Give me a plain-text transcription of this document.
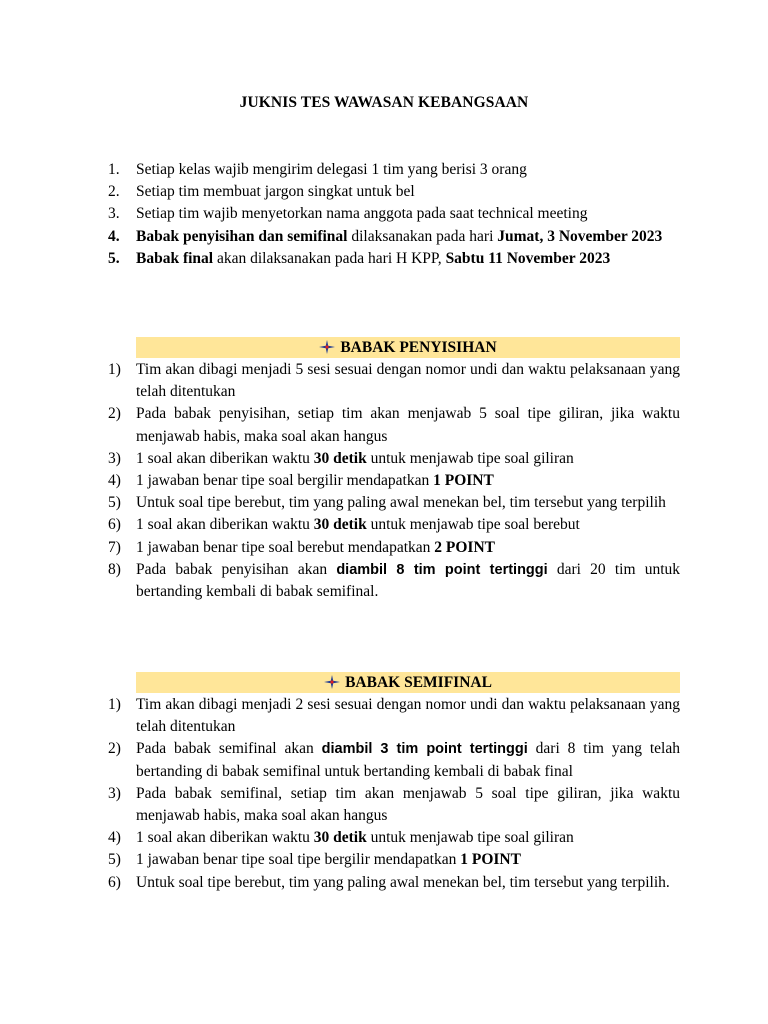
JUKNIS TES WAWASAN KEBANGSAAN
1. Setiap kelas wajib mengirim delegasi 1 tim yang berisi 3 orang
2. Setiap tim membuat jargon singkat untuk bel
3. Setiap tim wajib menyetorkan nama anggota pada saat technical meeting
4. Babak penyisihan dan semifinal dilaksanakan pada hari Jumat, 3 November 2023
5. Babak final akan dilaksanakan pada hari H KPP, Sabtu 11 November 2023
BABAK PENYISIHAN
1) Tim akan dibagi menjadi 5 sesi sesuai dengan nomor undi dan waktu pelaksanaan yang telah ditentukan
2) Pada babak penyisihan, setiap tim akan menjawab 5 soal tipe giliran, jika waktu menjawab habis, maka soal akan hangus
3) 1 soal akan diberikan waktu 30 detik untuk menjawab tipe soal giliran
4) 1 jawaban benar tipe soal bergilir mendapatkan 1 POINT
5) Untuk soal tipe berebut, tim yang paling awal menekan bel, tim tersebut yang terpilih
6) 1 soal akan diberikan waktu 30 detik untuk menjawab tipe soal berebut
7) 1 jawaban benar tipe soal berebut mendapatkan 2 POINT
8) Pada babak penyisihan akan diambil 8 tim point tertinggi dari 20 tim untuk bertanding kembali di babak semifinal.
BABAK SEMIFINAL
1) Tim akan dibagi menjadi 2 sesi sesuai dengan nomor undi dan waktu pelaksanaan yang telah ditentukan
2) Pada babak semifinal akan diambil 3 tim point tertinggi dari 8 tim yang telah bertanding di babak semifinal untuk bertanding kembali di babak final
3) Pada babak semifinal, setiap tim akan menjawab 5 soal tipe giliran, jika waktu menjawab habis, maka soal akan hangus
4) 1 soal akan diberikan waktu 30 detik untuk menjawab tipe soal giliran
5) 1 jawaban benar tipe soal tipe bergilir mendapatkan 1 POINT
6) Untuk soal tipe berebut, tim yang paling awal menekan bel, tim tersebut yang terpilih.
